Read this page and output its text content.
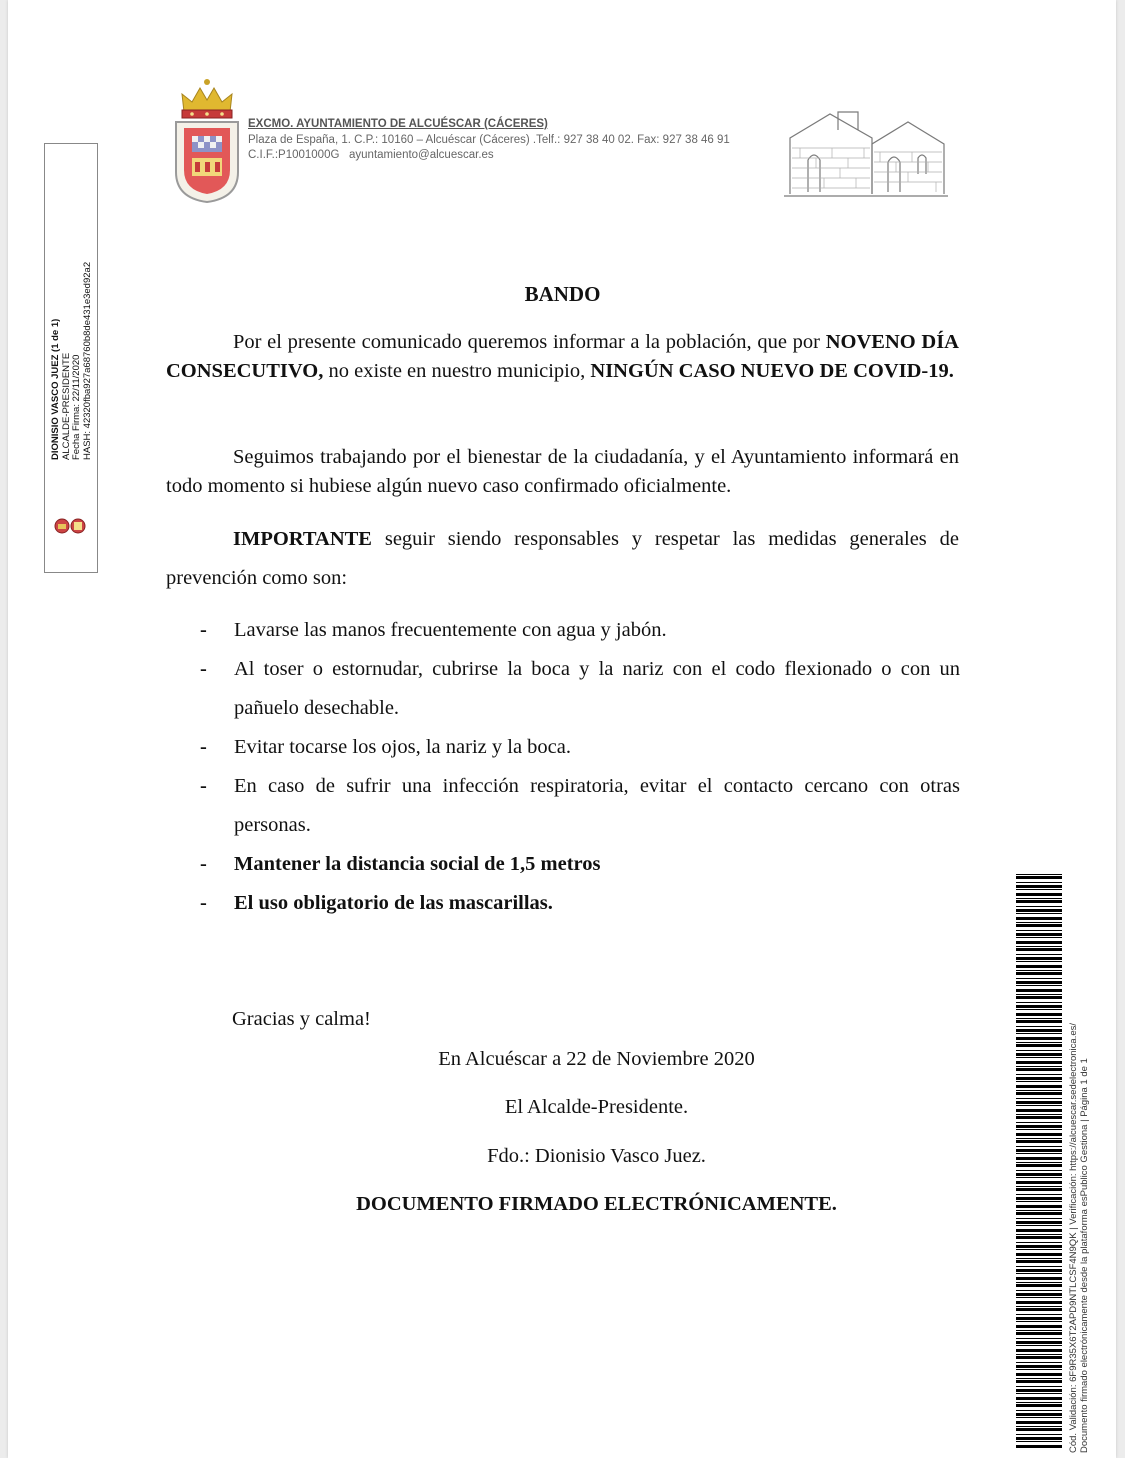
EXCMO. AYUNTAMIENTO DE ALCUÉSCAR (CÁCERES)
Plaza de España, 1. C.P.: 10160 – Alcuéscar (Cáceres) .Telf.: 927 38 40 02. Fax: 927 38 46 91
C.I.F.:P1001000G ayuntamiento@alcuescar.es
DIONISIO VASCO JUEZ (1 de 1) ALCALDE-PRESIDENTE Fecha Firma: 22/11/2020 HASH: 42320fba927a68760b8de431e3ed92a2	BANDO
Por el presente comunicado queremos informar a la población, que por NOVENO DÍA CONSECUTIVO, no existe en nuestro municipio, NINGÚN CASO NUEVO DE COVID-19.
Seguimos trabajando por el bienestar de la ciudadanía, y el Ayuntamiento informará en todo momento si hubiese algún nuevo caso confirmado oficialmente.
IMPORTANTE seguir siendo responsables y respetar las medidas generales de prevención como son:
- Lavarse las manos frecuentemente con agua y jabón.
- Al toser o estornudar, cubrirse la boca y la nariz con el codo flexionado o con un pañuelo desechable.
- Evitar tocarse los ojos, la nariz y la boca.
- En caso de sufrir una infección respiratoria, evitar el contacto cercano con otras personas.
- Mantener la distancia social de 1,5 metros
- El uso obligatorio de las mascarillas.
Gracias y calma!
En Alcuéscar a 22 de Noviembre 2020
El Alcalde-Presidente.
Fdo.: Dionisio Vasco Juez.
DOCUMENTO FIRMADO ELECTRÓNICAMENTE.	Cód. Validación: 6F9R35X6T2APD9NTLCSF4N9QK | Verificación: https://alcuescar.sedelectronica.es/ Documento firmado electrónicamente desde la plataforma esPublico Gestiona | Página 1 de 1
